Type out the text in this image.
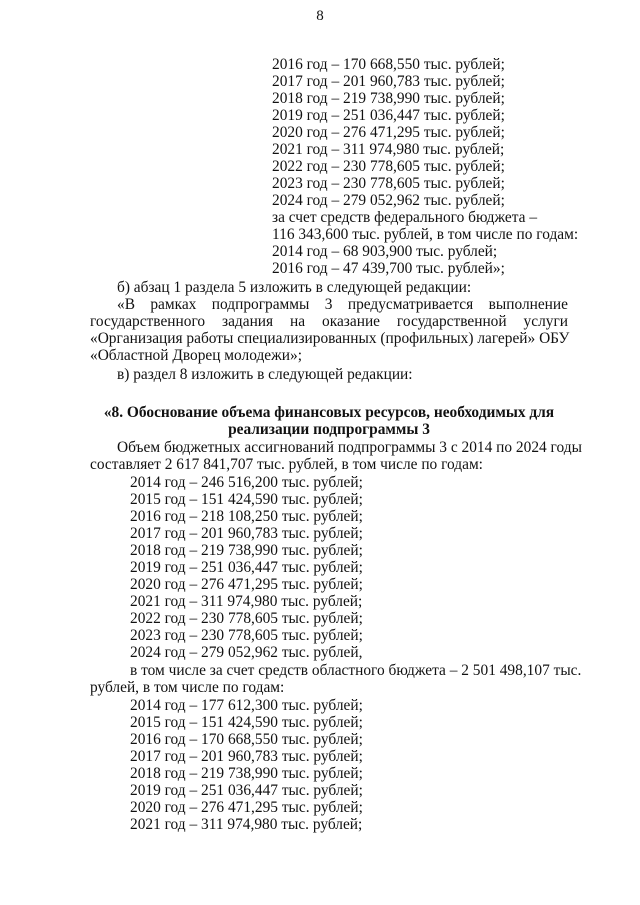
8
2016 год – 170 668,550 тыс. рублей;
2017 год – 201 960,783 тыс. рублей;
2018 год – 219 738,990 тыс. рублей;
2019 год – 251 036,447 тыс. рублей;
2020 год – 276 471,295 тыс. рублей;
2021 год – 311 974,980 тыс. рублей;
2022 год – 230 778,605 тыс. рублей;
2023 год – 230 778,605 тыс. рублей;
2024 год – 279 052,962 тыс. рублей;
за счет средств федерального бюджета –
116 343,600 тыс. рублей, в том числе по годам:
2014 год – 68 903,900 тыс. рублей;
2016 год – 47 439,700 тыс. рублей»;
б) абзац 1 раздела 5 изложить в следующей редакции:
«В рамках подпрограммы 3 предусматривается выполнение
государственного задания на оказание государственной услуги
«Организация работы специализированных (профильных) лагерей» ОБУ
«Областной Дворец молодежи»;
в) раздел 8 изложить в следующей редакции:
«8. Обоснование объема финансовых ресурсов, необходимых для
реализации подпрограммы 3
Объем бюджетных ассигнований подпрограммы 3 с 2014 по 2024 годы
составляет 2 617 841,707 тыс. рублей, в том числе по годам:
2014 год – 246 516,200 тыс. рублей;
2015 год – 151 424,590 тыс. рублей;
2016 год – 218 108,250 тыс. рублей;
2017 год – 201 960,783 тыс. рублей;
2018 год – 219 738,990 тыс. рублей;
2019 год – 251 036,447 тыс. рублей;
2020 год – 276 471,295 тыс. рублей;
2021 год – 311 974,980 тыс. рублей;
2022 год – 230 778,605 тыс. рублей;
2023 год – 230 778,605 тыс. рублей;
2024 год – 279 052,962 тыс. рублей,
в том числе за счет средств областного бюджета – 2 501 498,107 тыс.
рублей, в том числе по годам:
2014 год – 177 612,300 тыс. рублей;
2015 год – 151 424,590 тыс. рублей;
2016 год – 170 668,550 тыс. рублей;
2017 год – 201 960,783 тыс. рублей;
2018 год – 219 738,990 тыс. рублей;
2019 год – 251 036,447 тыс. рублей;
2020 год – 276 471,295 тыс. рублей;
2021 год – 311 974,980 тыс. рублей;
